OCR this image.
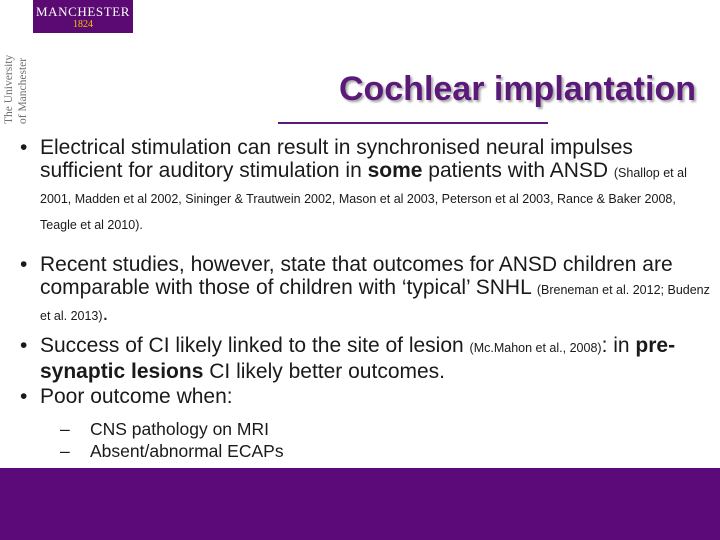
The University of Manchester
MANCHESTER
1824
Cochlear implantation
• Electrical stimulation can result in synchronised neural impulses sufficient for auditory stimulation in some patients with ANSD (Shallop et al 2001, Madden et al 2002, Sininger & Trautwein 2002, Mason et al 2003, Peterson et al 2003, Rance & Baker 2008, Teagle et al 2010).
• Recent studies, however, state that outcomes for ANSD children are comparable with those of children with ‘typical’ SNHL (Breneman et al. 2012; Budenz et al. 2013).
• Success of CI likely linked to the site of lesion (Mc.Mahon et al., 2008): in pre-synaptic lesions CI likely better outcomes.
• Poor outcome when:
– CNS pathology on MRI
– Absent/abnormal ECAPs
